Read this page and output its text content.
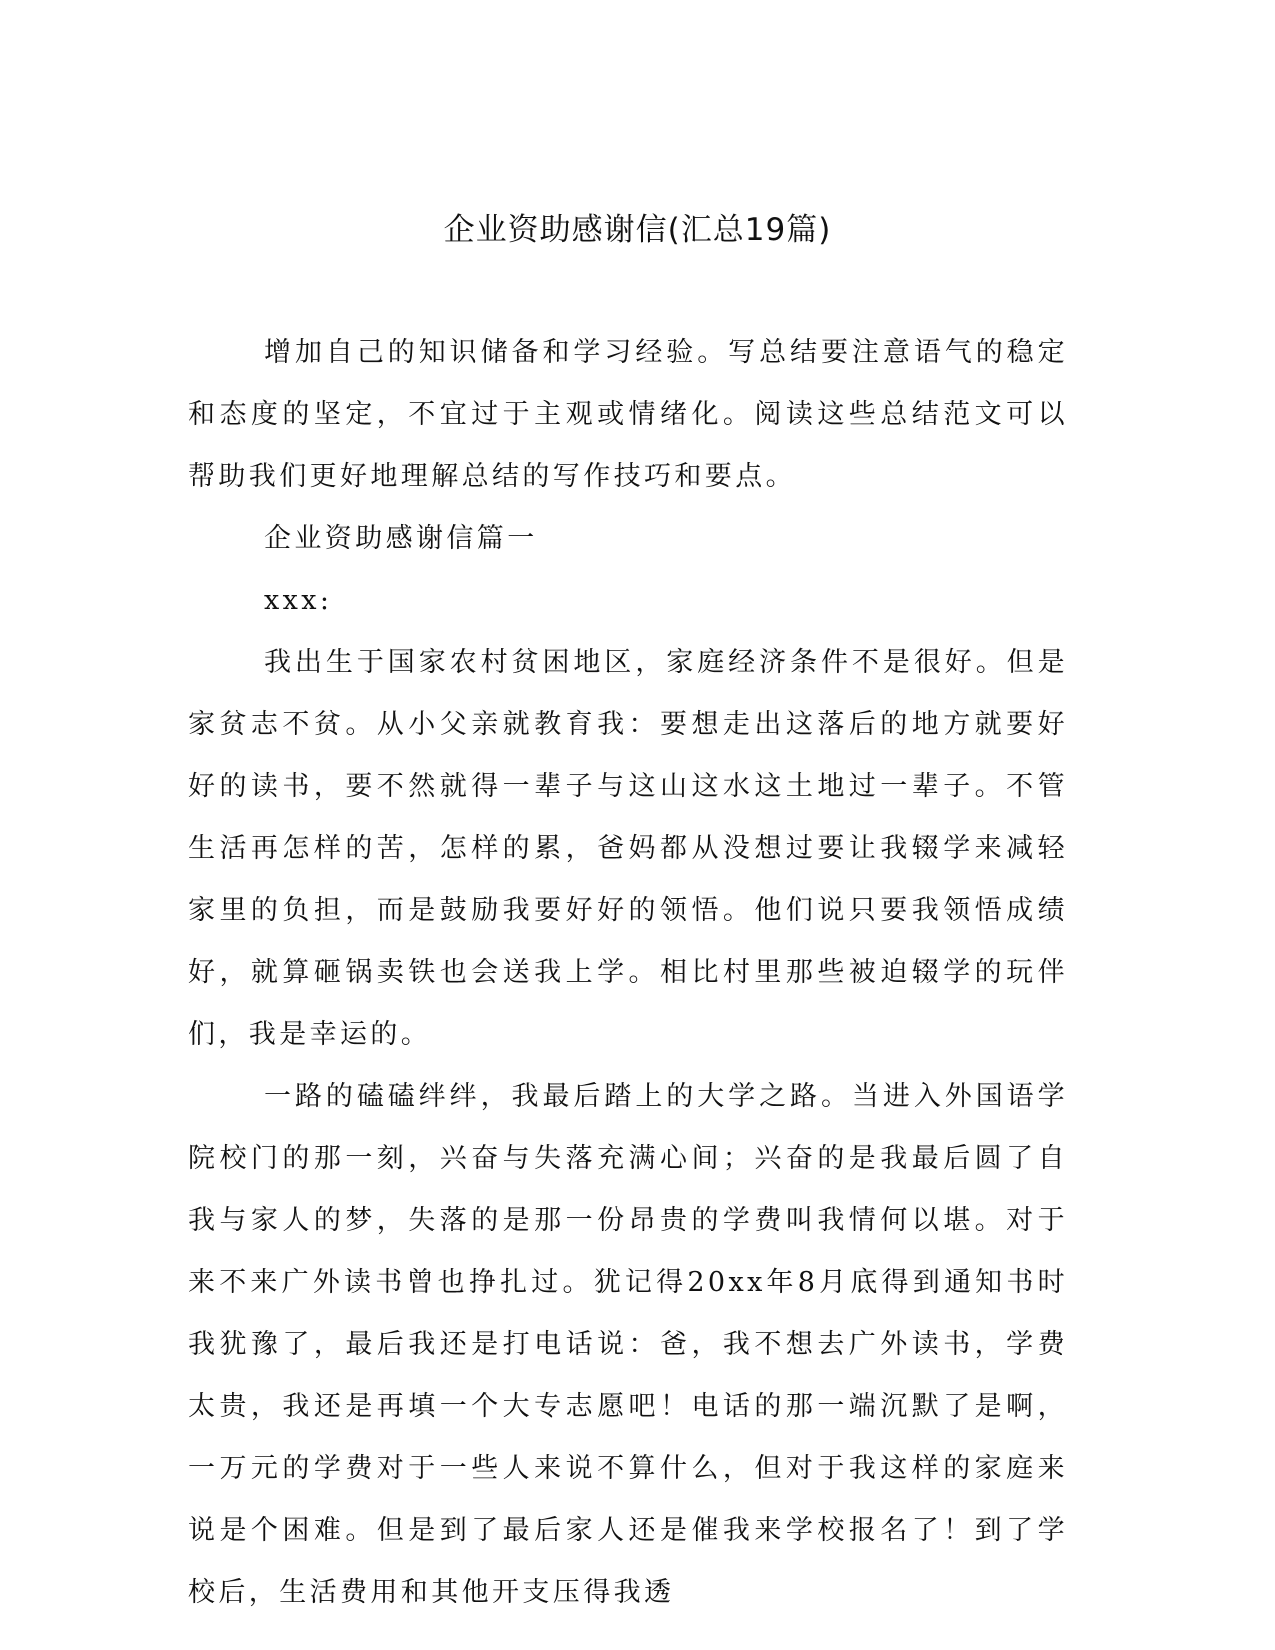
企业资助感谢信(汇总19篇)

增加自己的知识储备和学习经验。写总结要注意语气的稳定和态度的坚定，不宜过于主观或情绪化。阅读这些总结范文可以帮助我们更好地理解总结的写作技巧和要点。

企业资助感谢信篇一

xxx:

我出生于国家农村贫困地区，家庭经济条件不是很好。但是家贫志不贫。从小父亲就教育我：要想走出这落后的地方就要好好的读书，要不然就得一辈子与这山这水这土地过一辈子。不管生活再怎样的苦，怎样的累，爸妈都从没想过要让我辍学来减轻家里的负担，而是鼓励我要好好的领悟。他们说只要我领悟成绩好，就算砸锅卖铁也会送我上学。相比村里那些被迫辍学的玩伴们，我是幸运的。

一路的磕磕绊绊，我最后踏上的大学之路。当进入外国语学院校门的那一刻，兴奋与失落充满心间；兴奋的是我最后圆了自我与家人的梦，失落的是那一份昂贵的学费叫我情何以堪。对于来不来广外读书曾也挣扎过。犹记得20xx年8月底得到通知书时我犹豫了，最后我还是打电话说：爸，我不想去广外读书，学费太贵，我还是再填一个大专志愿吧！电话的那一端沉默了是啊，一万元的学费对于一些人来说不算什么，但对于我这样的家庭来说是个困难。但是到了最后家人还是催我来学校报名了！到了学校后，生活费用和其他开支压得我透
